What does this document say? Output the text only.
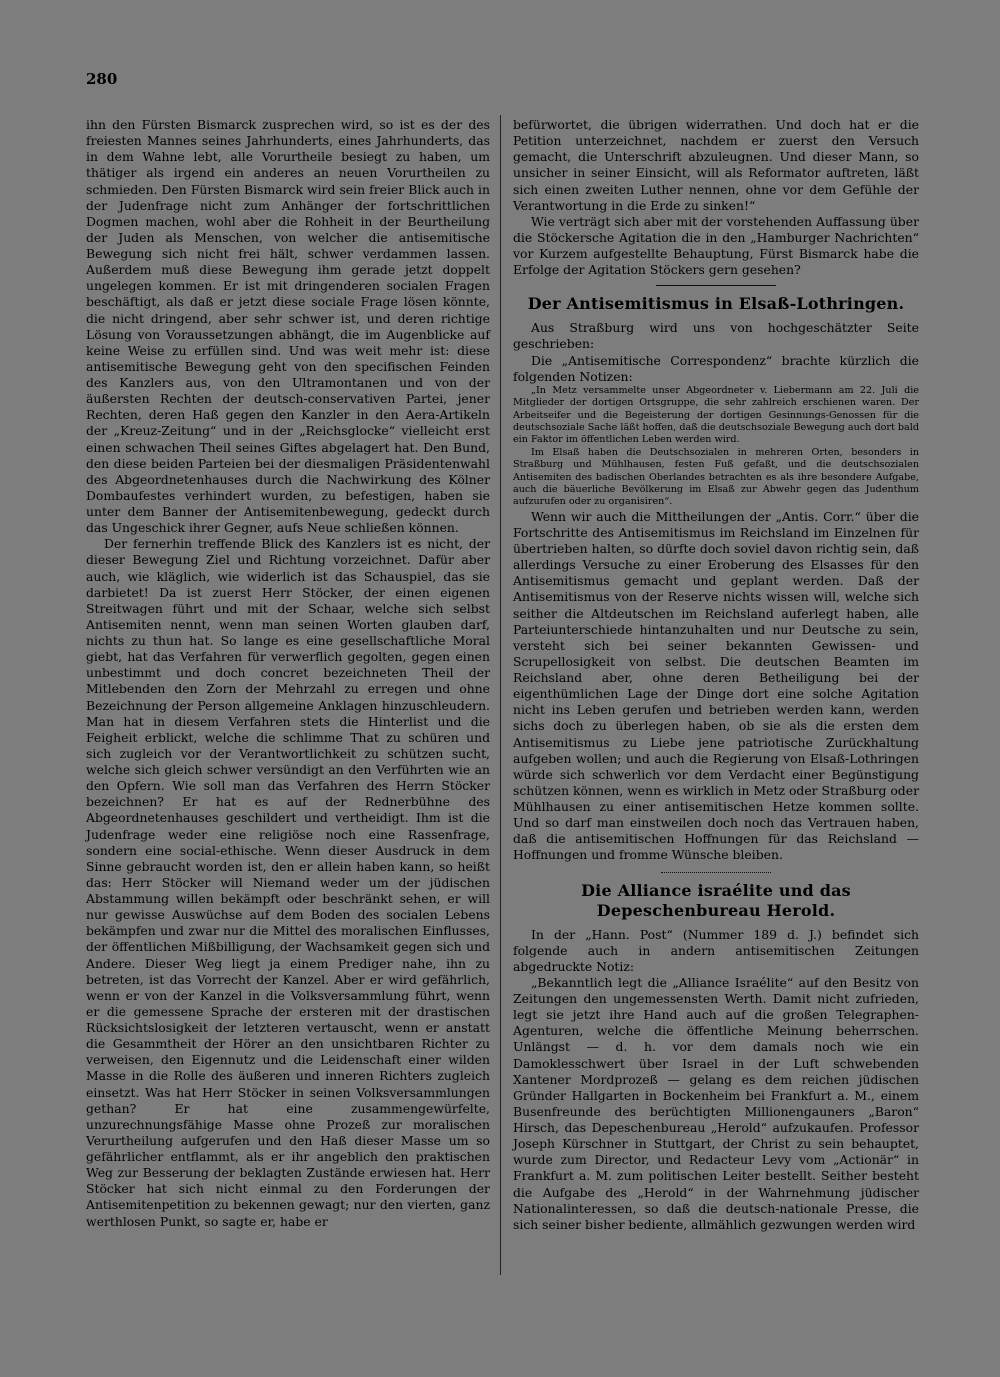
280

ihn den Fürsten Bismarck zusprechen wird, so ist es der des freiesten Mannes seines Jahrhunderts, eines Jahrhunderts, das in dem Wahne lebt, alle Vorurtheile besiegt zu haben, um thätiger als irgend ein anderes an neuen Vorurtheilen zu schmieden. Den Fürsten Bismarck wird sein freier Blick auch in der Judenfrage nicht zum Anhänger der fortschrittlichen Dogmen machen, wohl aber die Rohheit in der Beurtheilung der Juden als Menschen, von welcher die antisemitische Bewegung sich nicht frei hält, schwer verdammen lassen. Außerdem muß diese Bewegung ihm gerade jetzt doppelt ungelegen kommen. Er ist mit dringenderen socialen Fragen beschäftigt, als daß er jetzt diese sociale Frage lösen könnte, die nicht dringend, aber sehr schwer ist, und deren richtige Lösung von Voraussetzungen abhängt, die im Augenblicke auf keine Weise zu erfüllen sind. Und was weit mehr ist: diese antisemitische Bewegung geht von den specifischen Feinden des Kanzlers aus, von den Ultramontanen und von der äußersten Rechten der deutsch-conservativen Partei, jener Rechten, deren Haß gegen den Kanzler in den Aera-Artikeln der „Kreuz-Zeitung“ und in der „Reichsglocke“ vielleicht erst einen schwachen Theil seines Giftes abgelagert hat. Den Bund, den diese beiden Parteien bei der diesmaligen Präsidentenwahl des Abgeordnetenhauses durch die Nachwirkung des Kölner Dombaufestes verhindert wurden, zu befestigen, haben sie unter dem Banner der Antisemitenbewegung, gedeckt durch das Ungeschick ihrer Gegner, aufs Neue schließen können.

Der fernerhin treffende Blick des Kanzlers ist es nicht, der dieser Bewegung Ziel und Richtung vorzeichnet. Dafür aber auch, wie kläglich, wie widerlich ist das Schauspiel, das sie darbietet! Da ist zuerst Herr Stöcker, der einen eigenen Streitwagen führt und mit der Schaar, welche sich selbst Antisemiten nennt, wenn man seinen Worten glauben darf, nichts zu thun hat. So lange es eine gesellschaftliche Moral giebt, hat das Verfahren für verwerflich gegolten, gegen einen unbestimmt und doch concret bezeichneten Theil der Mitlebenden den Zorn der Mehrzahl zu erregen und ohne Bezeichnung der Person allgemeine Anklagen hinzuschleudern. Man hat in diesem Verfahren stets die Hinterlist und die Feigheit erblickt, welche die schlimme That zu schüren und sich zugleich vor der Verantwortlichkeit zu schützen sucht, welche sich gleich schwer versündigt an den Verführten wie an den Opfern. Wie soll man das Verfahren des Herrn Stöcker bezeichnen? Er hat es auf der Rednerbühne des Abgeordnetenhauses geschildert und vertheidigt. Ihm ist die Judenfrage weder eine religiöse noch eine Rassenfrage, sondern eine social-ethische. Wenn dieser Ausdruck in dem Sinne gebraucht worden ist, den er allein haben kann, so heißt das: Herr Stöcker will Niemand weder um der jüdischen Abstammung willen bekämpft oder beschränkt sehen, er will nur gewisse Auswüchse auf dem Boden des socialen Lebens bekämpfen und zwar nur die Mittel des moralischen Einflusses, der öffentlichen Mißbilligung, der Wachsamkeit gegen sich und Andere. Dieser Weg liegt ja einem Prediger nahe, ihn zu betreten, ist das Vorrecht der Kanzel. Aber er wird gefährlich, wenn er von der Kanzel in die Volksversammlung führt, wenn er die gemessene Sprache der ersteren mit der drastischen Rücksichtslosigkeit der letzteren vertauscht, wenn er anstatt die Gesammtheit der Hörer an den unsichtbaren Richter zu verweisen, den Eigennutz und die Leidenschaft einer wilden Masse in die Rolle des äußeren und inneren Richters zugleich einsetzt. Was hat Herr Stöcker in seinen Volksversammlungen gethan? Er hat eine zusammengewürfelte, unzurechnungsfähige Masse ohne Prozeß zur moralischen Verurtheilung aufgerufen und den Haß dieser Masse um so gefährlicher entflammt, als er ihr angeblich den praktischen Weg zur Besserung der beklagten Zustände erwiesen hat. Herr Stöcker hat sich nicht einmal zu den Forderungen der Antisemitenpetition zu bekennen gewagt; nur den vierten, ganz werthlosen Punkt, so sagte er, habe er

befürwortet, die übrigen widerrathen. Und doch hat er die Petition unterzeichnet, nachdem er zuerst den Versuch gemacht, die Unterschrift abzuleugnen. Und dieser Mann, so unsicher in seiner Einsicht, will als Reformator auftreten, läßt sich einen zweiten Luther nennen, ohne vor dem Gefühle der Verantwortung in die Erde zu sinken!“

Wie verträgt sich aber mit der vorstehenden Auffassung über die Stöckersche Agitation die in den „Hamburger Nachrichten“ vor Kurzem aufgestellte Behauptung, Fürst Bismarck habe die Erfolge der Agitation Stöckers gern gesehen?

Der Antisemitismus in Elsaß-Lothringen.

Aus Straßburg wird uns von hochgeschätzter Seite geschrieben:

Die „Antisemitische Correspondenz“ brachte kürzlich die folgenden Notizen:

„In Metz versammelte unser Abgeordneter v. Liebermann am 22. Juli die Mitglieder der dortigen Ortsgruppe, die sehr zahlreich erschienen waren. Der Arbeitseifer und die Begeisterung der dortigen Gesinnungs-Genossen für die deutschsoziale Sache läßt hoffen, daß die deutschsoziale Bewegung auch dort bald ein Faktor im öffentlichen Leben werden wird.

Im Elsaß haben die Deutschsozialen in mehreren Orten, besonders in Straßburg und Mühlhausen, festen Fuß gefaßt, und die deutschsozialen Antisemiten des badischen Oberlandes betrachten es als ihre besondere Aufgabe, auch die bäuerliche Bevölkerung im Elsaß zur Abwehr gegen das Judenthum aufzurufen oder zu organisiren“.

Wenn wir auch die Mittheilungen der „Antis. Corr.“ über die Fortschritte des Antisemitismus im Reichsland im Einzelnen für übertrieben halten, so dürfte doch soviel davon richtig sein, daß allerdings Versuche zu einer Eroberung des Elsasses für den Antisemitismus gemacht und geplant werden. Daß der Antisemitismus von der Reserve nichts wissen will, welche sich seither die Altdeutschen im Reichsland auferlegt haben, alle Parteiunterschiede hintanzuhalten und nur Deutsche zu sein, versteht sich bei seiner bekannten Gewissen- und Scrupellosigkeit von selbst. Die deutschen Beamten im Reichsland aber, ohne deren Betheiligung bei der eigenthümlichen Lage der Dinge dort eine solche Agitation nicht ins Leben gerufen und betrieben werden kann, werden sichs doch zu überlegen haben, ob sie als die ersten dem Antisemitismus zu Liebe jene patriotische Zurückhaltung aufgeben wollen; und auch die Regierung von Elsaß-Lothringen würde sich schwerlich vor dem Verdacht einer Begünstigung schützen können, wenn es wirklich in Metz oder Straßburg oder Mühlhausen zu einer antisemitischen Hetze kommen sollte. Und so darf man einstweilen doch noch das Vertrauen haben, daß die antisemitischen Hoffnungen für das Reichsland — Hoffnungen und fromme Wünsche bleiben.

Die Alliance israélite und das Depeschenbureau Herold.

In der „Hann. Post“ (Nummer 189 d. J.) befindet sich folgende auch in andern antisemitischen Zeitungen abgedruckte Notiz:

„Bekanntlich legt die „Alliance Israélite“ auf den Besitz von Zeitungen den ungemessensten Werth. Damit nicht zufrieden, legt sie jetzt ihre Hand auch auf die großen Telegraphen-Agenturen, welche die öffentliche Meinung beherrschen. Unlängst — d. h. vor dem damals noch wie ein Damoklesschwert über Israel in der Luft schwebenden Xantener Mordprozeß — gelang es dem reichen jüdischen Gründer Hallgarten in Bockenheim bei Frankfurt a. M., einem Busenfreunde des berüchtigten Millionengauners „Baron“ Hirsch, das Depeschenbureau „Herold“ aufzukaufen. Professor Joseph Kürschner in Stuttgart, der Christ zu sein behauptet, wurde zum Director, und Redacteur Levy vom „Actionär“ in Frankfurt a. M. zum politischen Leiter bestellt. Seither besteht die Aufgabe des „Herold“ in der Wahrnehmung jüdischer Nationalinteressen, so daß die deutsch-nationale Presse, die sich seiner bisher bediente, allmählich gezwungen werden wird
